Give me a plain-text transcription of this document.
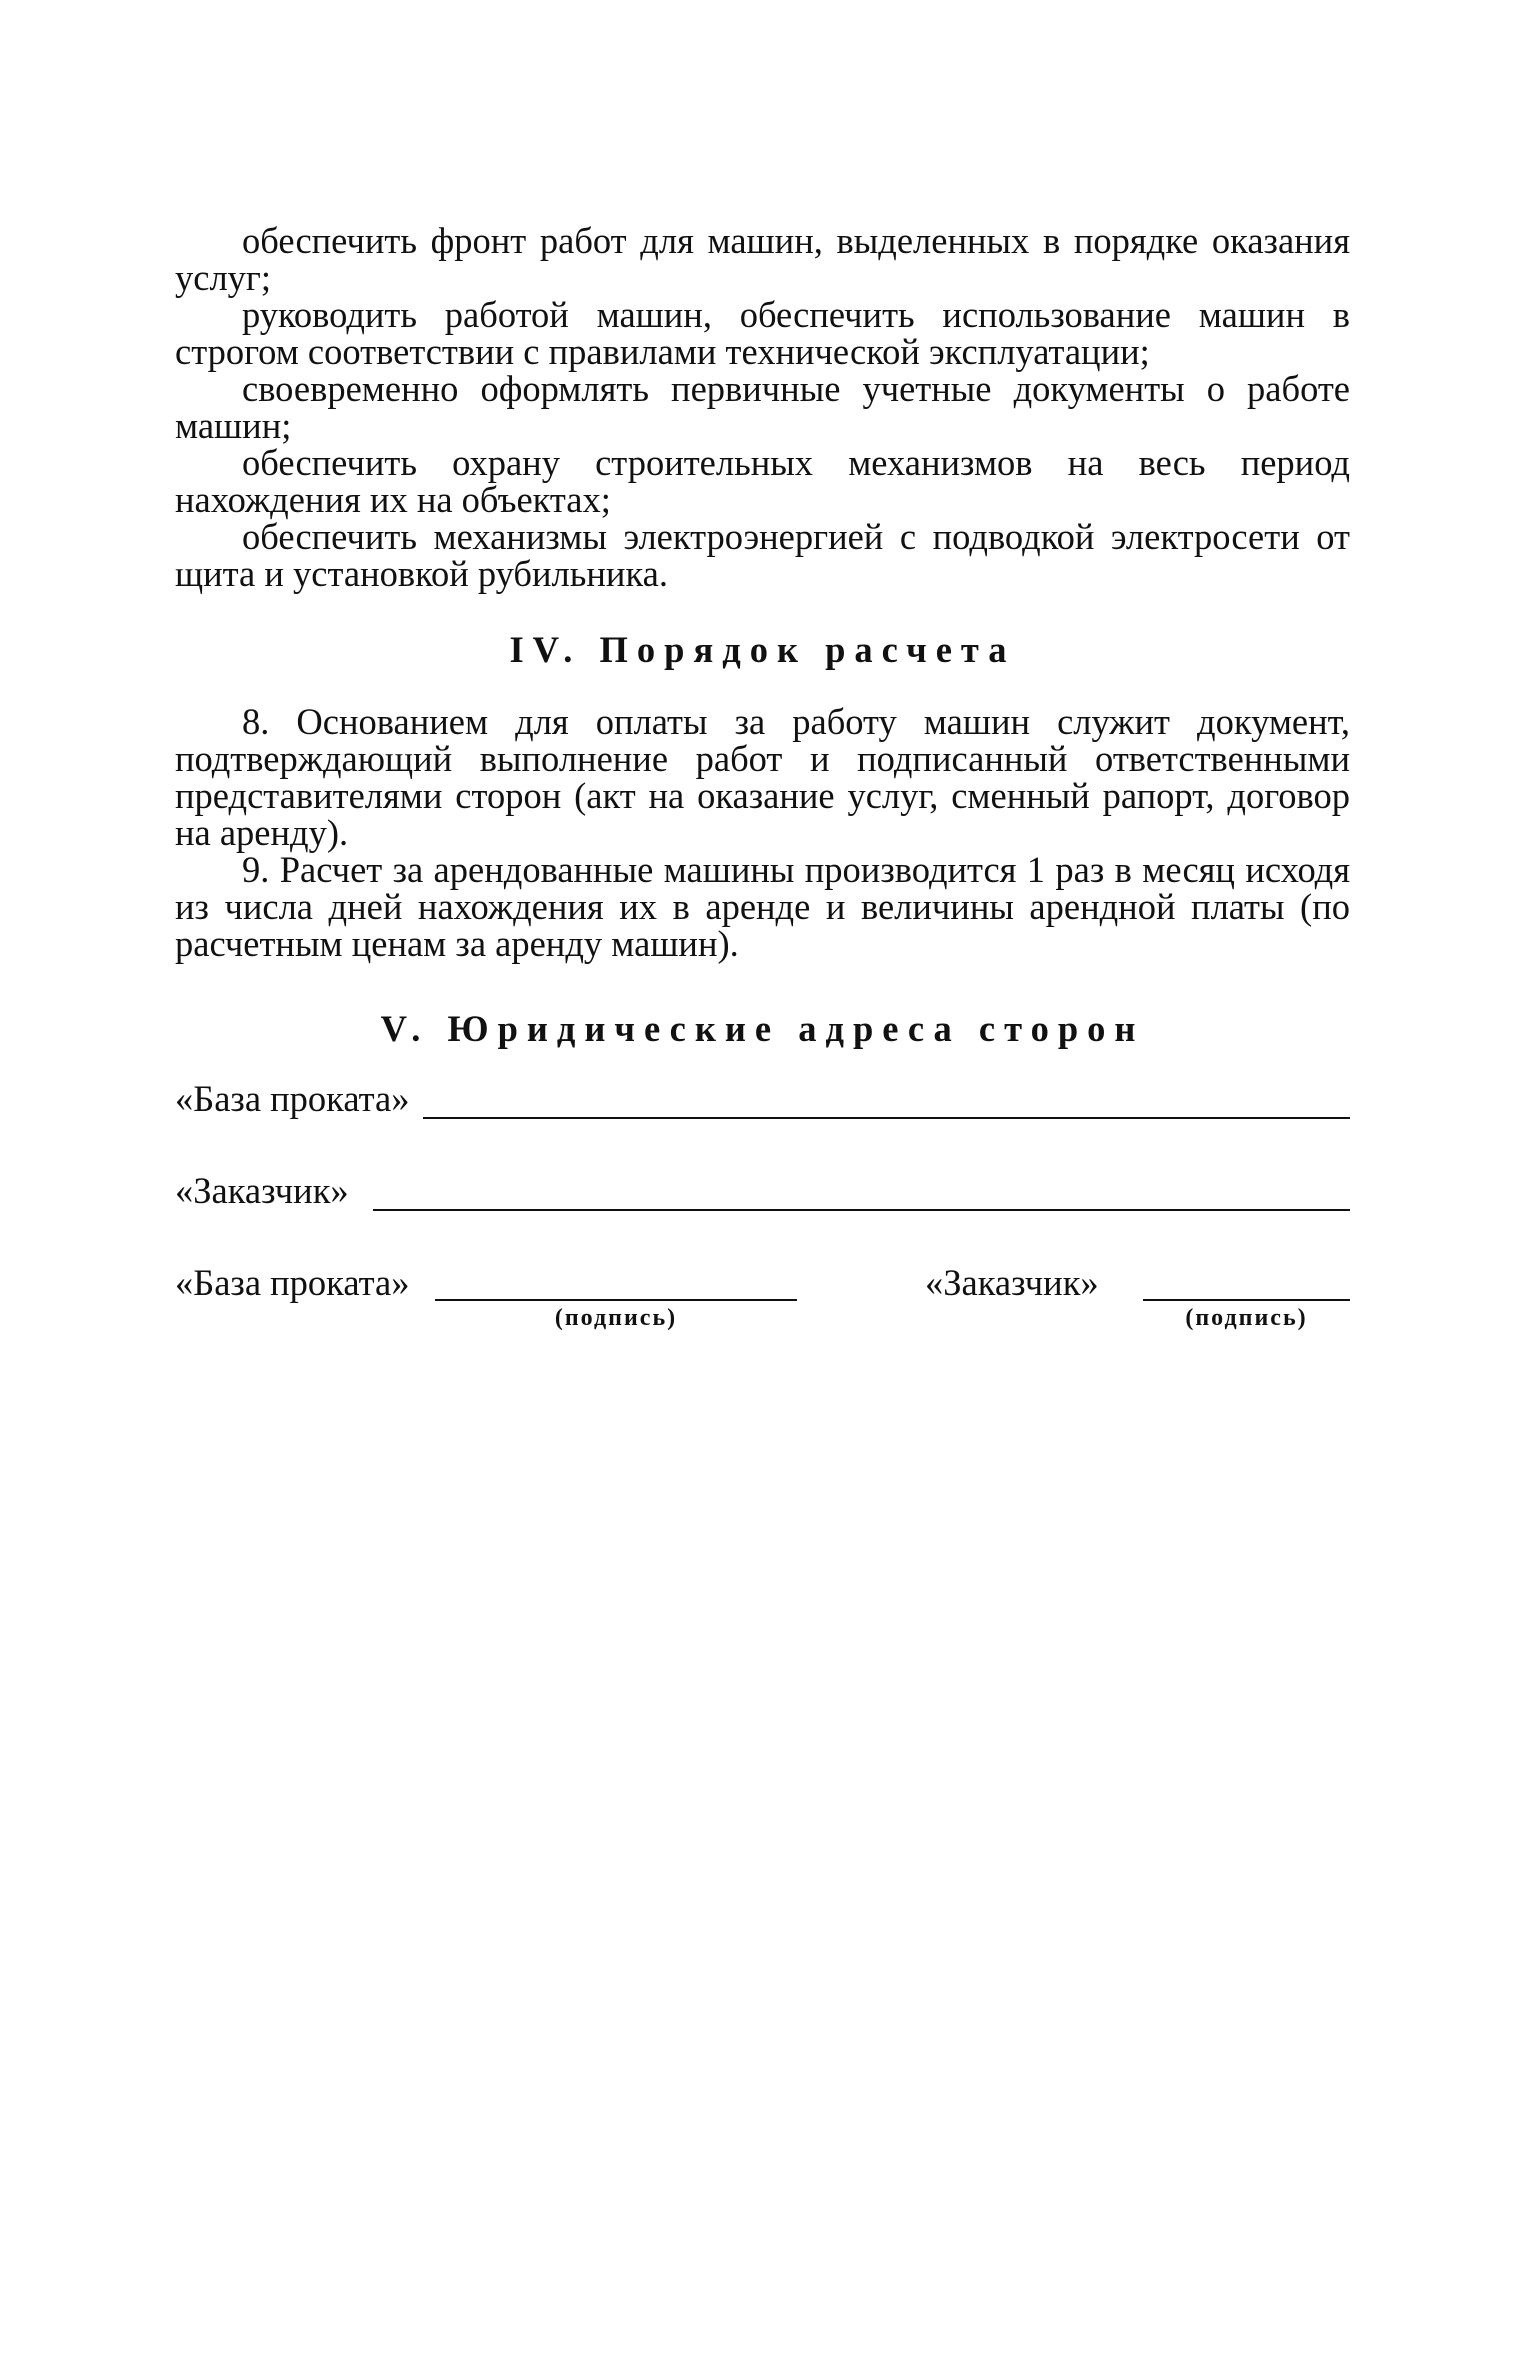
обеспечить фронт работ для машин, выделенных в порядке оказания услуг;

руководить работой машин, обеспечить использование машин в строгом соответствии с правилами технической эксплуатации;

своевременно оформлять первичные учетные документы о работе машин;

обеспечить охрану строительных механизмов на весь период нахождения их на объектах;

обеспечить механизмы электроэнергией с подводкой электросети от щита и установкой рубильника.

IV. Порядок расчета

8. Основанием для оплаты за работу машин служит документ, подтверждающий выполнение работ и подписанный ответственными представителями сторон (акт на оказание услуг, сменный рапорт, договор на аренду).

9. Расчет за арендованные машины производится 1 раз в месяц исходя из числа дней нахождения их в аренде и величины арендной платы (по расчетным ценам за аренду машин).

V. Юридические адреса сторон
«База проката»
«Заказчик»
«База проката»
(подпись)
«Заказчик»
(подпись)
